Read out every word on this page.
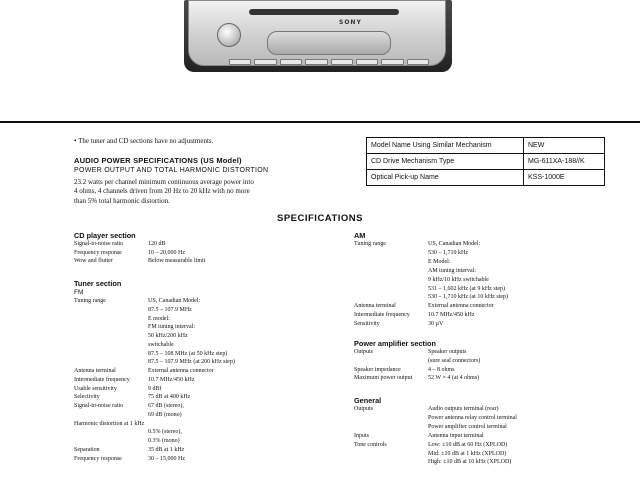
SONY
• The tuner and CD sections have no adjustments.
AUDIO POWER SPECIFICATIONS (US Model)
POWER OUTPUT AND TOTAL HARMONIC DISTORTION
23.2 watts per channel minimum continuous average power into
4 ohms, 4 channels driven from 20 Hz to 20 kHz with no more
than 5% total harmonic distortion.
Model Name Using Similar Mechanism	NEW
CD Drive Mechanism Type	MG-611XA-188//K
Optical Pick-up Name	KSS-1000E
SPECIFICATIONS
CD player section
Signal-to-noise ratio	120 dB
Frequency response	10 – 20,000 Hz
Wow and flutter	Below measurable limit
Tuner section
FM
Tuning range	US, Canadian Model:
87.5 – 107.9 MHz
E model:
FM tuning interval:
50 kHz/200 kHz
switchable
87.5 – 108 MHz (at 50 kHz step)
87.5 – 107.9 MHz (at 200 kHz step)
Antenna terminal	External antenna connector
Intermediate frequency	10.7 MHz/450 kHz
Usable sensitivity	9 dBf
Selectivity	75 dB at 400 kHz
Signal-to-noise ratio	67 dB (stereo),
69 dB (mono)
Harmonic distortion at 1 kHz
0.5% (stereo),
0.3% (mono)
Separation	35 dB at 1 kHz
Frequency response	30 – 15,000 Hz
AM
Tuning range	US, Canadian Model:
530 – 1,710 kHz
E Model:
AM tuning interval:
9 kHz/10 kHz switchable
531 – 1,602 kHz (at 9 kHz step)
530 – 1,710 kHz (at 10 kHz step)
Antenna terminal	External antenna connector
Intermediate frequency	10.7 MHz/450 kHz
Sensitivity	30 µV
Power amplifier section
Outputs	Speaker outputs
(sure seal connectors)
Speaker impedance	4 – 8 ohms
Maximum power output	52 W × 4 (at 4 ohms)
General
Outputs	Audio outputs terminal (rear)
Power antenna relay control terminal
Power amplifier control terminal
Inputs	Antenna input terminal
Tone controls	Low: ±10 dB at 60 Hz (XPLOD)
Mid: ±10 dB at 1 kHz (XPLOD)
High: ±10 dB at 10 kHz (XPLOD)
